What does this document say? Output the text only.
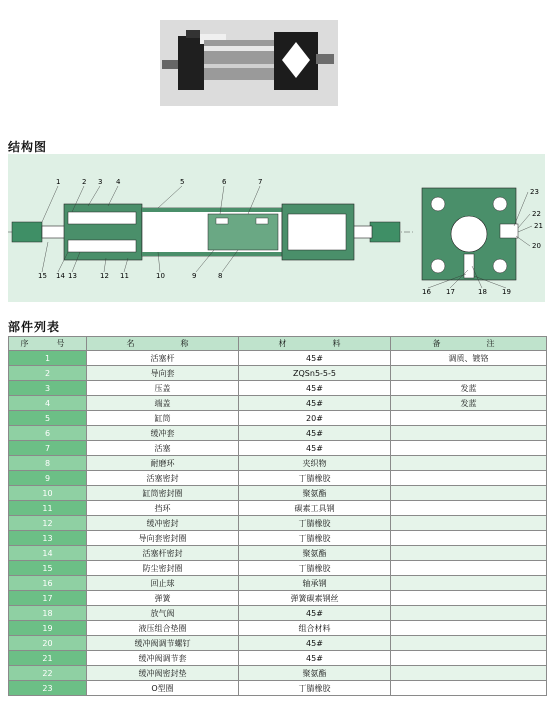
结构图
1	2 3 4	5	6	7
15 14 13	12 11	10	9	8
23
22
21
20
16 17	18 19
部件列表
序　号	名　　称	材　　料	备　　注
1	活塞杆	45#	调质、镀铬
2	导向套	ZQSn5-5-5	
3	压盖	45#	发蓝
4	端盖	45#	发蓝
5	缸筒	20#	
6	缓冲套	45#	
7	活塞	45#	
8	耐磨环	夹织物	
9	活塞密封	丁腈橡胶	
10	缸筒密封圈	聚氨酯	
11	挡环	碳素工具钢	
12	缓冲密封	丁腈橡胶	
13	导向套密封圈	丁腈橡胶	
14	活塞杆密封	聚氨酯	
15	防尘密封圈	丁腈橡胶	
16	回止球	轴承钢	
17	弹簧	弹簧碳素钢丝	
18	放气阀	45#	
19	液压组合垫圈	组合材料	
20	缓冲阀调节螺钉	45#	
21	缓冲阀调节套	45#	
22	缓冲阀密封垫	聚氨酯	
23	O型圈	丁腈橡胶	
